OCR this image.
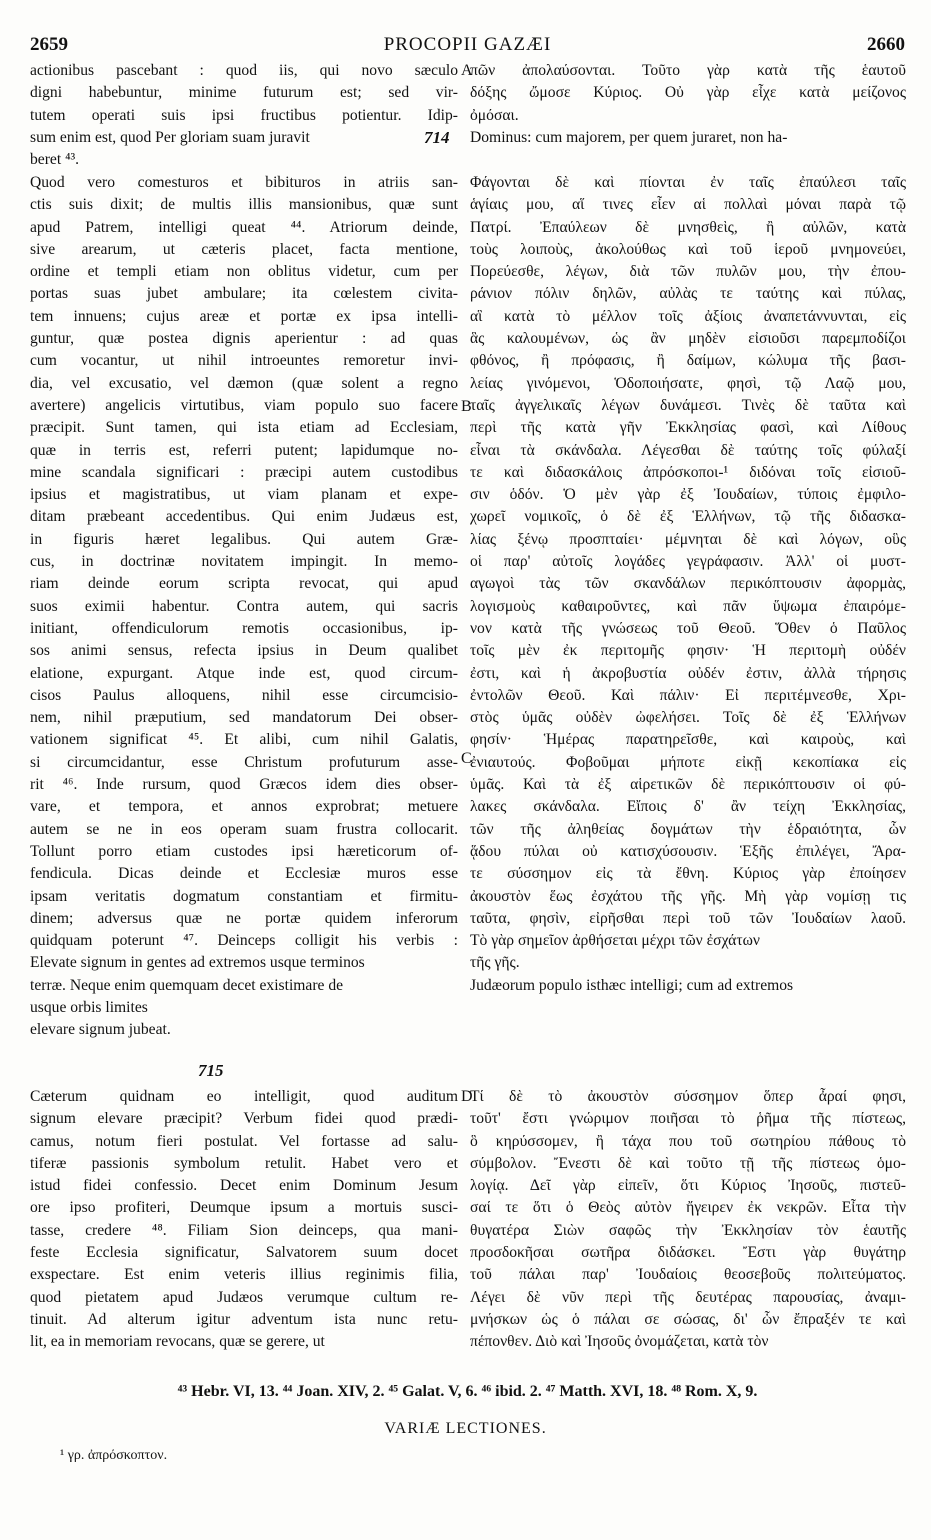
2659	PROCOPII GAZÆI	2660
actionibus pascebant : quod iis, qui novo sæculo
digni habebuntur, minime futurum est; sed vir-
tutem operati suis ipsi fructibus potientur. Idip-
sum enim est, quod Per gloriam suam juravit
beret ⁴³.
πῶν ἀπολαύσονται. Τοῦτο γὰρ κατὰ τῆς ἑαυτοῦ
δόξης ὤμοσε Κύριος. Οὐ γὰρ εἶχε κατὰ μείζονος
ὀμόσαι.
Dominus: cum majorem, per quem juraret, non ha-
Quod vero comesturos et bibituros in atriis san-
ctis suis dixit; de multis illis mansionibus, quæ sunt
apud Patrem, intelligi queat ⁴⁴. Atriorum deinde,
sive arearum, ut cæteris placet, facta mentione,
ordine et templi etiam non oblitus videtur, cum per
portas suas jubet ambulare; ita cœlestem civita-
tem innuens; cujus areæ et portæ ex ipsa intelli-
guntur, quæ postea dignis aperientur : ad quas
cum vocantur, ut nihil introeuntes remoretur invi-
dia, vel excusatio, vel dæmon (quæ solent a regno
avertere) angelicis virtutibus, viam populo suo facere
præcipit. Sunt tamen, qui ista etiam ad Ecclesiam,
quæ in terris est, referri putent; lapidumque no-
mine scandala significari : præcipi autem custodibus
ipsius et magistratibus, ut viam planam et expe-
ditam præbeant accedentibus. Qui enim Judæus est,
in figuris hæret legalibus. Qui autem Græ-
cus, in doctrinæ novitatem impingit. In memo-
riam deinde eorum scripta revocat, qui apud
suos eximii habentur. Contra autem, qui sacris
initiant, offendiculorum remotis occasionibus, ip-
sos animi sensus, refecta ipsius in Deum qualibet
elatione, expurgant. Atque inde est, quod circum-
cisos Paulus alloquens, nihil esse circumcisio-
nem, nihil præputium, sed mandatorum Dei obser-
vationem significat ⁴⁵. Et alibi, cum nihil Galatis,
si circumcidantur, esse Christum profuturum asse-
rit ⁴⁶. Inde rursum, quod Græcos idem dies obser-
vare, et tempora, et annos exprobrat; metuere
autem se ne in eos operam suam frustra collocarit.
Tollunt porro etiam custodes ipsi hæreticorum of-
fendicula. Dicas deinde et Ecclesiæ muros esse
ipsam veritatis dogmatum constantiam et firmitu-
dinem; adversus quæ ne portæ quidem inferorum
quidquam poterunt ⁴⁷. Deinceps colligit his verbis :
Elevate signum in gentes ad extremos usque terminos
terræ. Neque enim quemquam decet existimare de
usque orbis limites
elevare signum jubeat.
Φάγονται δὲ καὶ πίονται ἐν ταῖς ἐπαύλεσι ταῖς
ἁγίαις μου, αἵ τινες εἶεν αἱ πολλαὶ μόναι παρὰ τῷ
Πατρί. Ἐπαύλεων δὲ μνησθεὶς, ἢ αὐλῶν, κατὰ
τοὺς λοιποὺς, ἀκολούθως καὶ τοῦ ἱεροῦ μνημονεύει,
Πορεύεσθε, λέγων, διὰ τῶν πυλῶν μου, τὴν ἐπου-
ράνιον πόλιν δηλῶν, αὐλὰς τε ταύτης καὶ πύλας,
αἳ κατὰ τὸ μέλλον τοῖς ἀξίοις ἀναπετάννυνται, εἰς
ἃς καλουμένων, ὡς ἂν μηδὲν εἰσιοῦσι παρεμποδίζοι
φθόνος, ἢ πρόφασις, ἢ δαίμων, κώλυμα τῆς βασι-
λείας γινόμενοι, Ὁδοποιήσατε, φησὶ, τῷ Λαῷ μου,
ταῖς ἀγγελικαῖς λέγων δυνάμεσι. Τινὲς δὲ ταῦτα καὶ
περὶ τῆς κατὰ γῆν Ἐκκλησίας φασὶ, καὶ Λίθους
εἶναι τὰ σκάνδαλα. Λέγεσθαι δὲ ταύτης τοῖς φύλαξί
τε καὶ διδασκάλοις ἀπρόσκοποι-¹ διδόναι τοῖς εἰσιοῦ-
σιν ὁδόν. Ὁ μὲν γὰρ ἐξ Ἰουδαίων, τύποις ἐμφιλο-
χωρεῖ νομικοῖς, ὁ δὲ ἐξ Ἑλλήνων, τῷ τῆς διδασκα-
λίας ξένῳ προσπταίει· μέμνηται δὲ καὶ λόγων, οὓς
οἱ παρ' αὐτοῖς λογάδες γεγράφασιν. Ἀλλ' οἱ μυστ-
αγωγοὶ τὰς τῶν σκανδάλων περικόπτουσιν ἀφορμὰς,
λογισμοὺς καθαιροῦντες, καὶ πᾶν ὕψωμα ἐπαιρόμε-
νον κατὰ τῆς γνώσεως τοῦ Θεοῦ. Ὅθεν ὁ Παῦλος
τοῖς μὲν ἐκ περιτομῆς φησιν· Ἡ περιτομὴ οὐδέν
ἐστι, καὶ ἡ ἀκροβυστία οὐδέν ἐστιν, ἀλλὰ τήρησις
ἐντολῶν Θεοῦ. Καὶ πάλιν· Εἰ περιτέμνεσθε, Χρι-
στὸς ὑμᾶς οὐδὲν ὠφελήσει. Τοῖς δὲ ἐξ Ἑλλήνων
φησίν· Ἡμέρας παρατηρεῖσθε, καὶ καιροὺς, καὶ
ἐνιαυτούς. Φοβοῦμαι μήποτε εἰκῇ κεκοπίακα εἰς
ὑμᾶς. Καὶ τὰ ἐξ αἱρετικῶν δὲ περικόπτουσιν οἱ φύ-
λακες σκάνδαλα. Εἴποις δ' ἂν τείχη Ἐκκλησίας,
τῶν τῆς ἀληθείας δογμάτων τὴν ἑδραιότητα, ὧν
ᾅδου πύλαι οὐ κατισχύσουσιν. Ἑξῆς ἐπιλέγει, Ἄρα-
τε σύσσημον εἰς τὰ ἔθνη. Κύριος γὰρ ἐποίησεν
ἀκουστὸν ἕως ἐσχάτου τῆς γῆς. Μὴ γὰρ νομίσῃ τις
ταῦτα, φησὶν, εἰρῆσθαι περὶ τοῦ τῶν Ἰουδαίων λαοῦ.
Τὸ γὰρ σημεῖον ἀρθήσεται μέχρι τῶν ἐσχάτων
τῆς γῆς.
Judæorum populo isthæc intelligi; cum ad extremos
Cæterum quidnam eo intelligit, quod auditum
signum elevare præcipit? Verbum fidei quod prædi-
camus, notum fieri postulat. Vel fortasse ad salu-
tiferæ passionis symbolum retulit. Habet vero et
istud fidei confessio. Decet enim Dominum Jesum
ore ipso profiteri, Deumque ipsum a mortuis susci-
tasse, credere ⁴⁸. Filiam Sion deinceps, qua mani-
feste Ecclesia significatur, Salvatorem suum docet
exspectare. Est enim veteris illius reginimis filia,
quod pietatem apud Judæos verumque cultum re-
tinuit. Ad alterum igitur adventum ista nunc retu-
lit, ea in memoriam revocans, quæ se gerere, ut
Τί δὲ τὸ ἀκουστὸν σύσσημον ὅπερ ἆραί φησι,
τοῦτ' ἔστι γνώριμον ποιῆσαι τὸ ῥῆμα τῆς πίστεως,
ὃ κηρύσσομεν, ἢ τάχα που τοῦ σωτηρίου πάθους τὸ
σύμβολον. Ἔνεστι δὲ καὶ τοῦτο τῇ τῆς πίστεως ὁμο-
λογίᾳ. Δεῖ γὰρ εἰπεῖν, ὅτι Κύριος Ἰησοῦς, πιστεῦ-
σαί τε ὅτι ὁ Θεὸς αὐτὸν ἤγειρεν ἐκ νεκρῶν. Εἶτα τὴν
θυγατέρα Σιὼν σαφῶς τὴν Ἐκκλησίαν τὸν ἑαυτῆς
προσδοκῆσαι σωτῆρα διδάσκει. Ἔστι γὰρ θυγάτηρ
τοῦ πάλαι παρ' Ἰουδαίοις θεοσεβοῦς πολιτεύματος.
Λέγει δὲ νῦν περὶ τῆς δευτέρας παρουσίας, ἀναμι-
μνήσκων ὡς ὁ πάλαι σε σώσας, δι' ὧν ἔπραξέν τε καὶ
πέπονθεν. Διὸ καὶ Ἰησοῦς ὀνομάζεται, κατὰ τὸν
A
B
C
D
714
715
⁴³ Hebr. VI, 13. ⁴⁴ Joan. XIV, 2. ⁴⁵ Galat. V, 6. ⁴⁶ ibid. 2. ⁴⁷ Matth. XVI, 18. ⁴⁸ Rom. X, 9.
VARIÆ LECTIONES.
¹ γρ. ἀπρόσκοπτον.
